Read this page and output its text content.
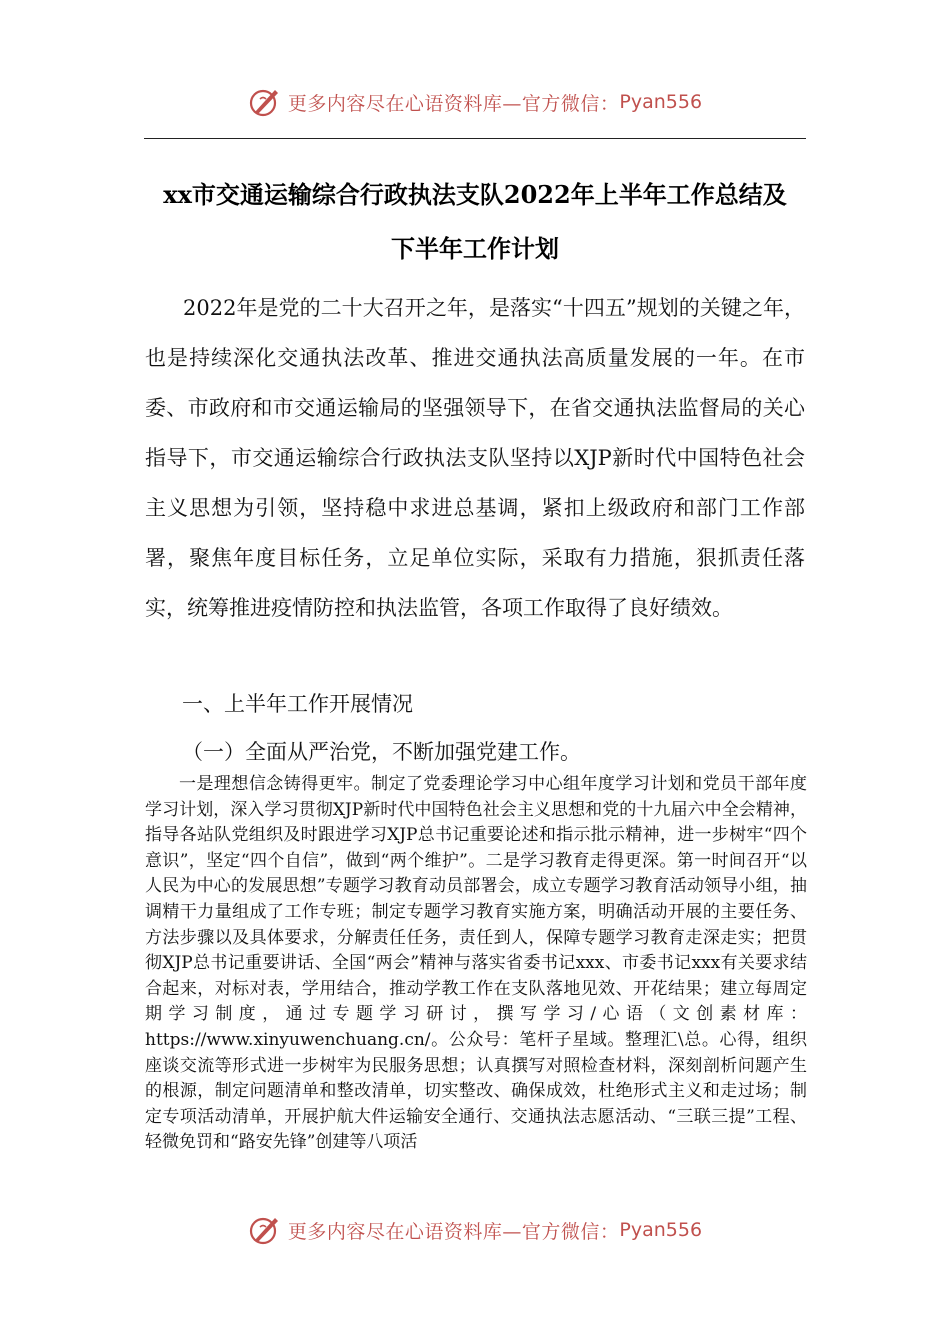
更多内容尽在心语资料库—官方微信： Pyan556
xx市交通运输综合行政执法支队2022年上半年工作总结及
下半年工作计划

2022年是党的二十大召开之年，是落实“十四五”规划的关键之年，也是持续深化交通执法改革、推进交通执法高质量发展的一年。在市委、市政府和市交通运输局的坚强领导下，在省交通执法监督局的关心指导下，市交通运输综合行政执法支队坚持以XJP新时代中国特色社会主义思想为引领，坚持稳中求进总基调，紧扣上级政府和部门工作部署，聚焦年度目标任务，立足单位实际，采取有力措施，狠抓责任落实，统筹推进疫情防控和执法监管，各项工作取得了良好绩效。

一、上半年工作开展情况

（一）全面从严治党，不断加强党建工作。

一是理想信念铸得更牢。制定了党委理论学习中心组年度学习计划和党员干部年度学习计划，深入学习贯彻XJP新时代中国特色社会主义思想和党的十九届六中全会精神，指导各站队党组织及时跟进学习XJP总书记重要论述和指示批示精神，进一步树牢“四个意识”，坚定“四个自信”，做到“两个维护”。二是学习教育走得更深。第一时间召开“以人民为中心的发展思想”专题学习教育动员部署会，成立专题学习教育活动领导小组，抽调精干力量组成了工作专班；制定专题学习教育实施方案，明确活动开展的主要任务、方法步骤以及具体要求，分解责任任务，责任到人，保障专题学习教育走深走实；把贯彻XJP总书记重要讲话、全国“两会”精神与落实省委书记xxx、市委书记xxx有关要求结合起来，对标对表，学用结合，推动学教工作在支队落地见效、开花结果；建立每周定期学习制度，通过专题学习研讨，撰写学习/心语（文创素材库：https://www.xinyuwenchuang.cn/。公众号：笔杆子星域。整理汇\总。心得，组织座谈交流等形式进一步树牢为民服务思想；认真撰写对照检查材料，深刻剖析问题产生的根源，制定问题清单和整改清单，切实整改、确保成效，杜绝形式主义和走过场；制定专项活动清单，开展护航大件运输安全通行、交通执法志愿活动、“三联三提”工程、轻微免罚和“路安先锋”创建等八项活

更多内容尽在心语资料库—官方微信： Pyan556
